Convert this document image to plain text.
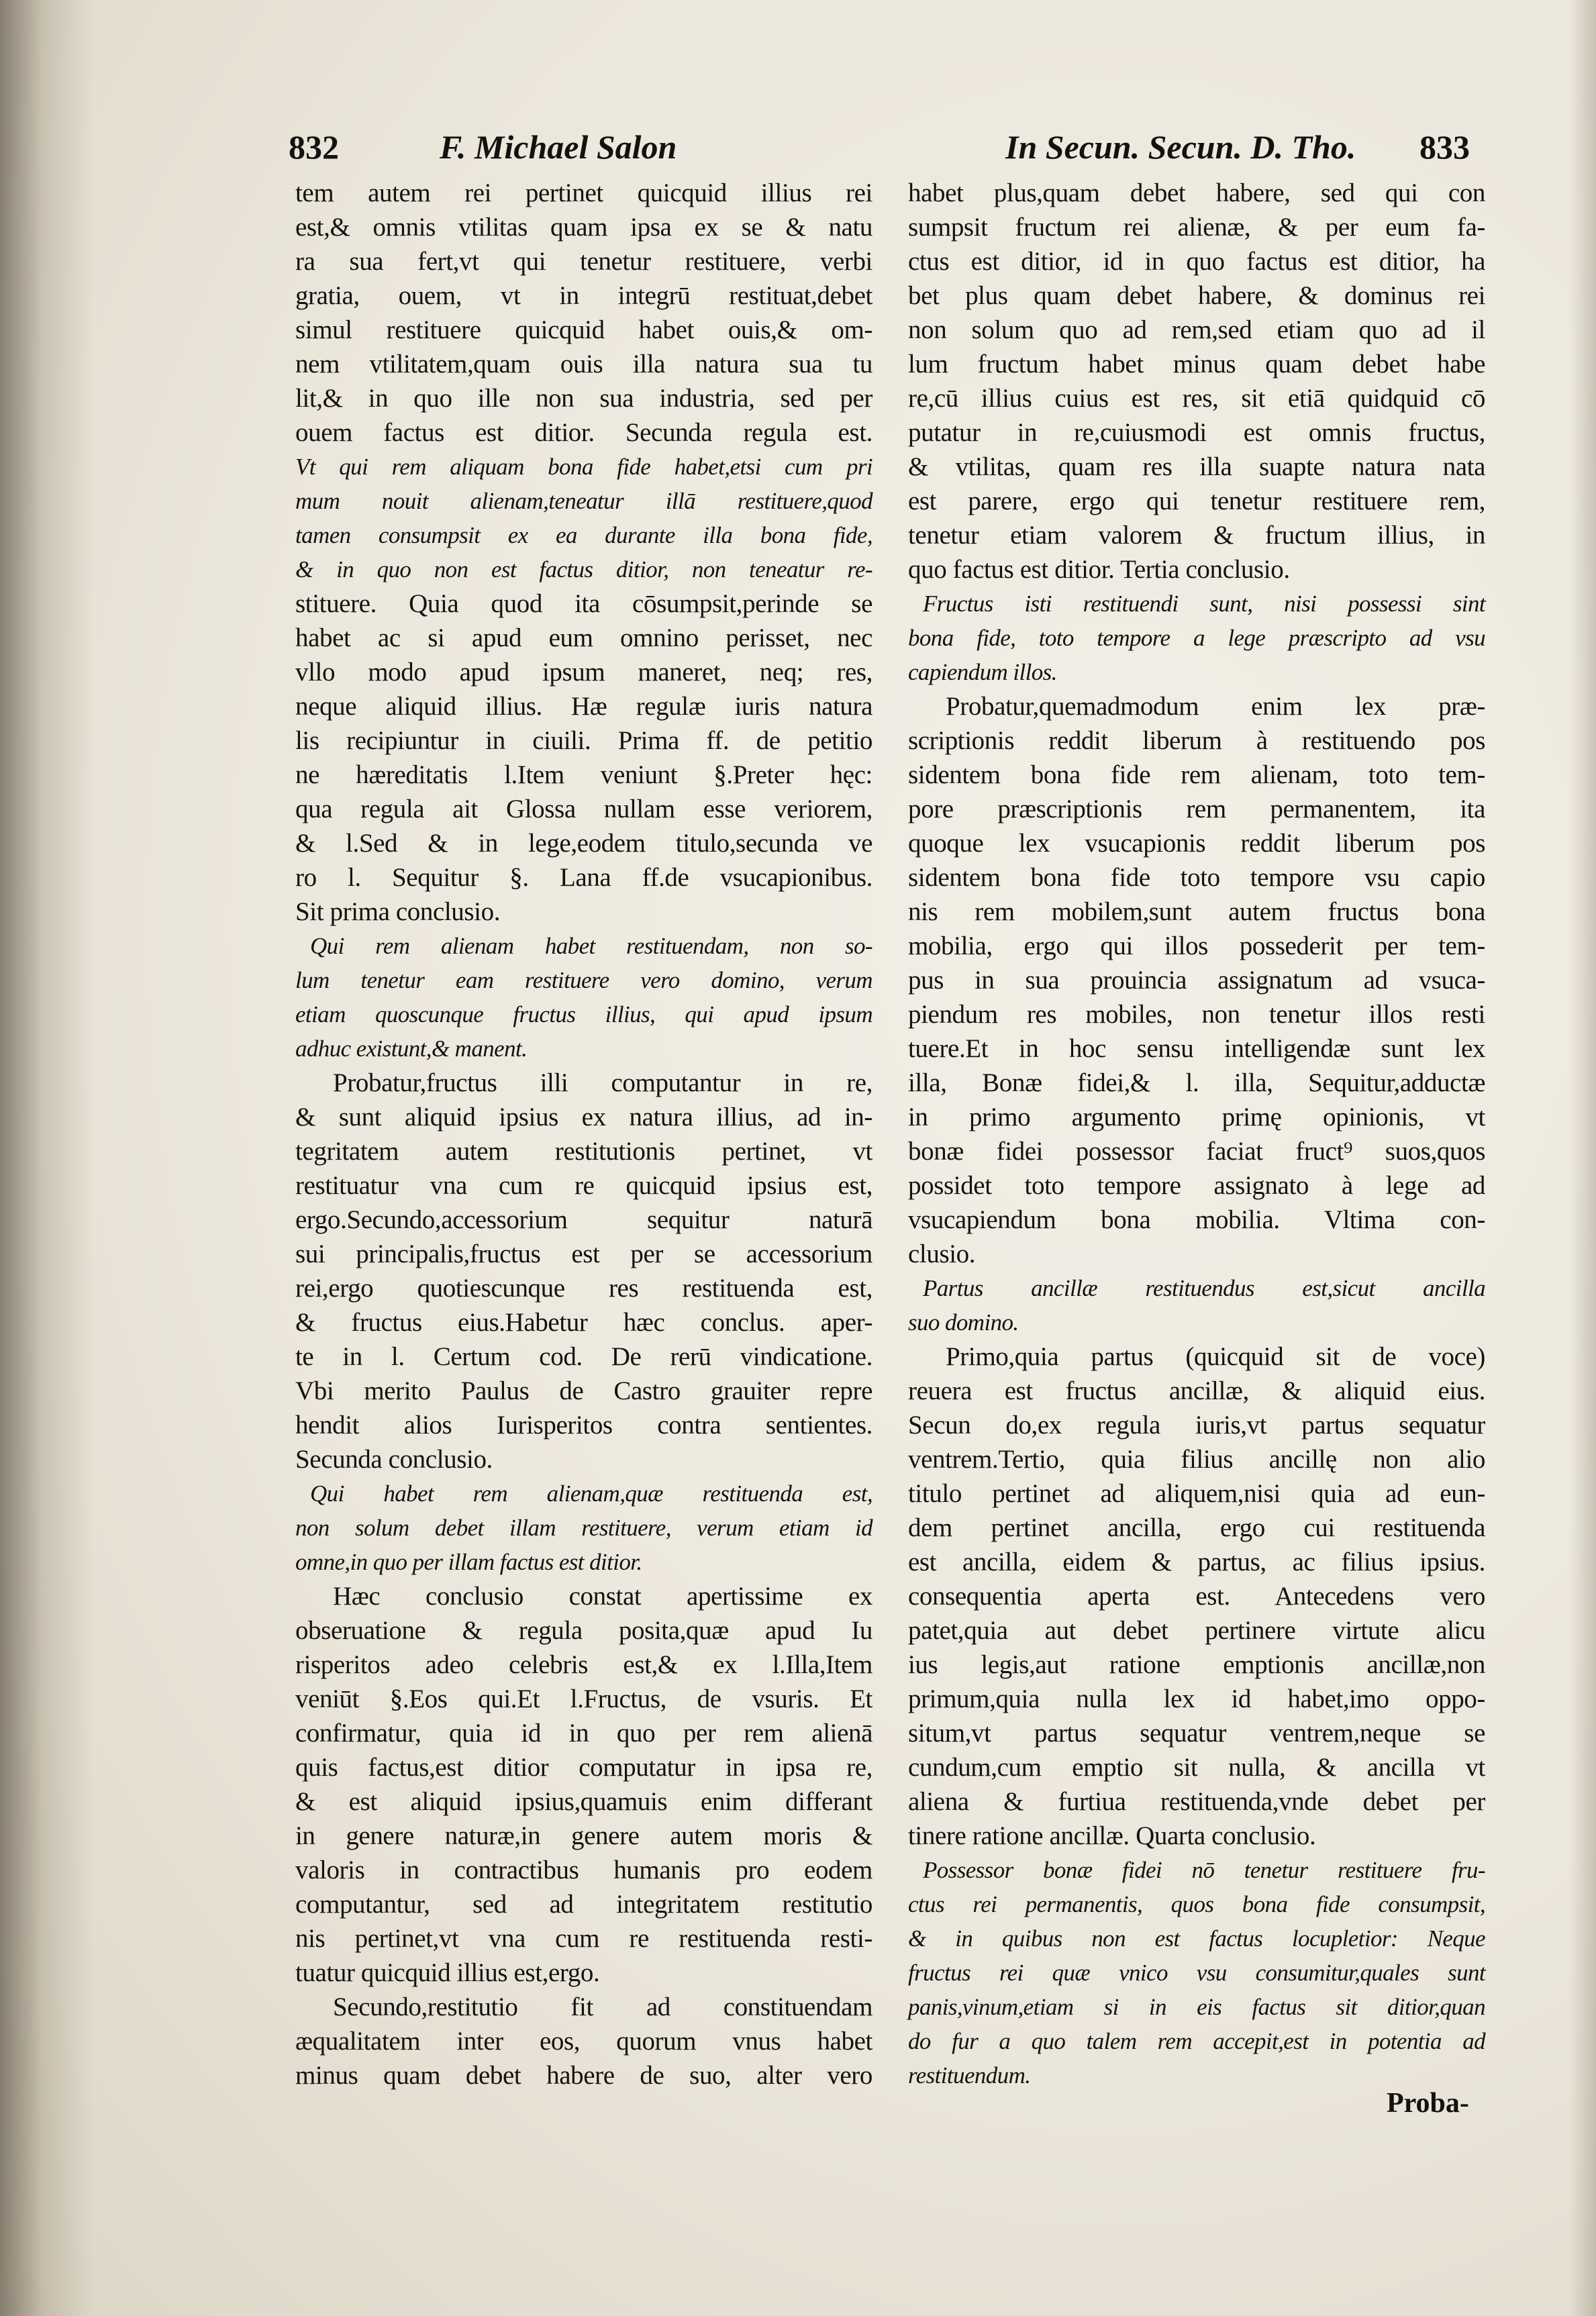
832	F. Michael Salon	In Secun. Secun. D. Tho. 833
tem autem rei pertinet quicquid illius rei
est,& omnis vtilitas quam ipsa ex se & natu
ra sua fert,vt qui tenetur restituere, verbi
gratia, ouem, vt in integrū restituat,debet
simul restituere quicquid habet ouis,& om-
nem vtilitatem,quam ouis illa natura sua tu
lit,& in quo ille non sua industria, sed per
ouem factus est ditior. Secunda regula est.
Vt qui rem aliquam bona fide habet,etsi cum pri
mum nouit alienam,teneatur illā restituere,quod
tamen consumpsit ex ea durante illa bona fide,
& in quo non est factus ditior, non teneatur re-
stituere. Quia quod ita cōsumpsit,perinde se
habet ac si apud eum omnino perisset, nec
vllo modo apud ipsum maneret, neq; res,
neque aliquid illius. Hæ regulæ iuris natura
lis recipiuntur in ciuili. Prima ff. de petitio
ne hæreditatis l.Item veniunt §.Preter hęc:
qua regula ait Glossa nullam esse veriorem,
& l.Sed & in lege,eodem titulo,secunda ve
ro l. Sequitur §. Lana ff.de vsucapionibus.
Sit prima conclusio.
Qui rem alienam habet restituendam, non so-
lum tenetur eam restituere vero domino, verum
etiam quoscunque fructus illius, qui apud ipsum
adhuc existunt,& manent.
Probatur,fructus illi computantur in re,
& sunt aliquid ipsius ex natura illius, ad in-
tegritatem autem restitutionis pertinet, vt
restituatur vna cum re quicquid ipsius est,
ergo.Secundo,accessorium sequitur naturā
sui principalis,fructus est per se accessorium
rei,ergo quotiescunque res restituenda est,
& fructus eius.Habetur hæc conclus. aper-
te in l. Certum cod. De rerū vindicatione.
Vbi merito Paulus de Castro grauiter repre
hendit alios Iurisperitos contra sentientes.
Secunda conclusio.
Qui habet rem alienam,quæ restituenda est,
non solum debet illam restituere, verum etiam id
omne,in quo per illam factus est ditior.
Hæc conclusio constat apertissime ex
obseruatione & regula posita,quæ apud Iu
risperitos adeo celebris est,& ex l.Illa,Item
veniūt §.Eos qui.Et l.Fructus, de vsuris. Et
confirmatur, quia id in quo per rem alienā
quis factus,est ditior computatur in ipsa re,
& est aliquid ipsius,quamuis enim differant
in genere naturæ,in genere autem moris &
valoris in contractibus humanis pro eodem
computantur, sed ad integritatem restitutio
nis pertinet,vt vna cum re restituenda resti-
tuatur quicquid illius est,ergo.
Secundo,restitutio fit ad constituendam
æqualitatem inter eos, quorum vnus habet
minus quam debet habere de suo, alter vero
habet plus,quam debet habere, sed qui con
sumpsit fructum rei alienæ, & per eum fa-
ctus est ditior, id in quo factus est ditior, ha
bet plus quam debet habere, & dominus rei
non solum quo ad rem,sed etiam quo ad il
lum fructum habet minus quam debet habe
re,cū illius cuius est res, sit etiā quidquid cō
putatur in re,cuiusmodi est omnis fructus,
& vtilitas, quam res illa suapte natura nata
est parere, ergo qui tenetur restituere rem,
tenetur etiam valorem & fructum illius, in
quo factus est ditior. Tertia conclusio.
Fructus isti restituendi sunt, nisi possessi sint
bona fide, toto tempore a lege præscripto ad vsu
capiendum illos.
Probatur,quemadmodum enim lex præ-
scriptionis reddit liberum à restituendo pos
sidentem bona fide rem alienam, toto tem-
pore præscriptionis rem permanentem, ita
quoque lex vsucapionis reddit liberum pos
sidentem bona fide toto tempore vsu capio
nis rem mobilem,sunt autem fructus bona
mobilia, ergo qui illos possederit per tem-
pus in sua prouincia assignatum ad vsuca-
piendum res mobiles, non tenetur illos resti
tuere.Et in hoc sensu intelligendæ sunt lex
illa, Bonæ fidei,& l. illa, Sequitur,adductæ
in primo argumento primę opinionis, vt
bonæ fidei possessor faciat fruct⁹ suos,quos
possidet toto tempore assignato à lege ad
vsucapiendum bona mobilia. Vltima con-
clusio.
Partus ancillæ restituendus est,sicut ancilla
suo domino.
Primo,quia partus (quicquid sit de voce)
reuera est fructus ancillæ, & aliquid eius.
Secun do,ex regula iuris,vt partus sequatur
ventrem.Tertio, quia filius ancillę non alio
titulo pertinet ad aliquem,nisi quia ad eun-
dem pertinet ancilla, ergo cui restituenda
est ancilla, eidem & partus, ac filius ipsius.
consequentia aperta est. Antecedens vero
patet,quia aut debet pertinere virtute alicu
ius legis,aut ratione emptionis ancillæ,non
primum,quia nulla lex id habet,imo oppo-
situm,vt partus sequatur ventrem,neque se
cundum,cum emptio sit nulla, & ancilla vt
aliena & furtiua restituenda,vnde debet per
tinere ratione ancillæ. Quarta conclusio.
Possessor bonæ fidei nō tenetur restituere fru-
ctus rei permanentis, quos bona fide consumpsit,
& in quibus non est factus locupletior: Neque
fructus rei quæ vnico vsu consumitur,quales sunt
panis,vinum,etiam si in eis factus sit ditior,quan
do fur a quo talem rem accepit,est in potentia ad
restituendum.
Proba-
